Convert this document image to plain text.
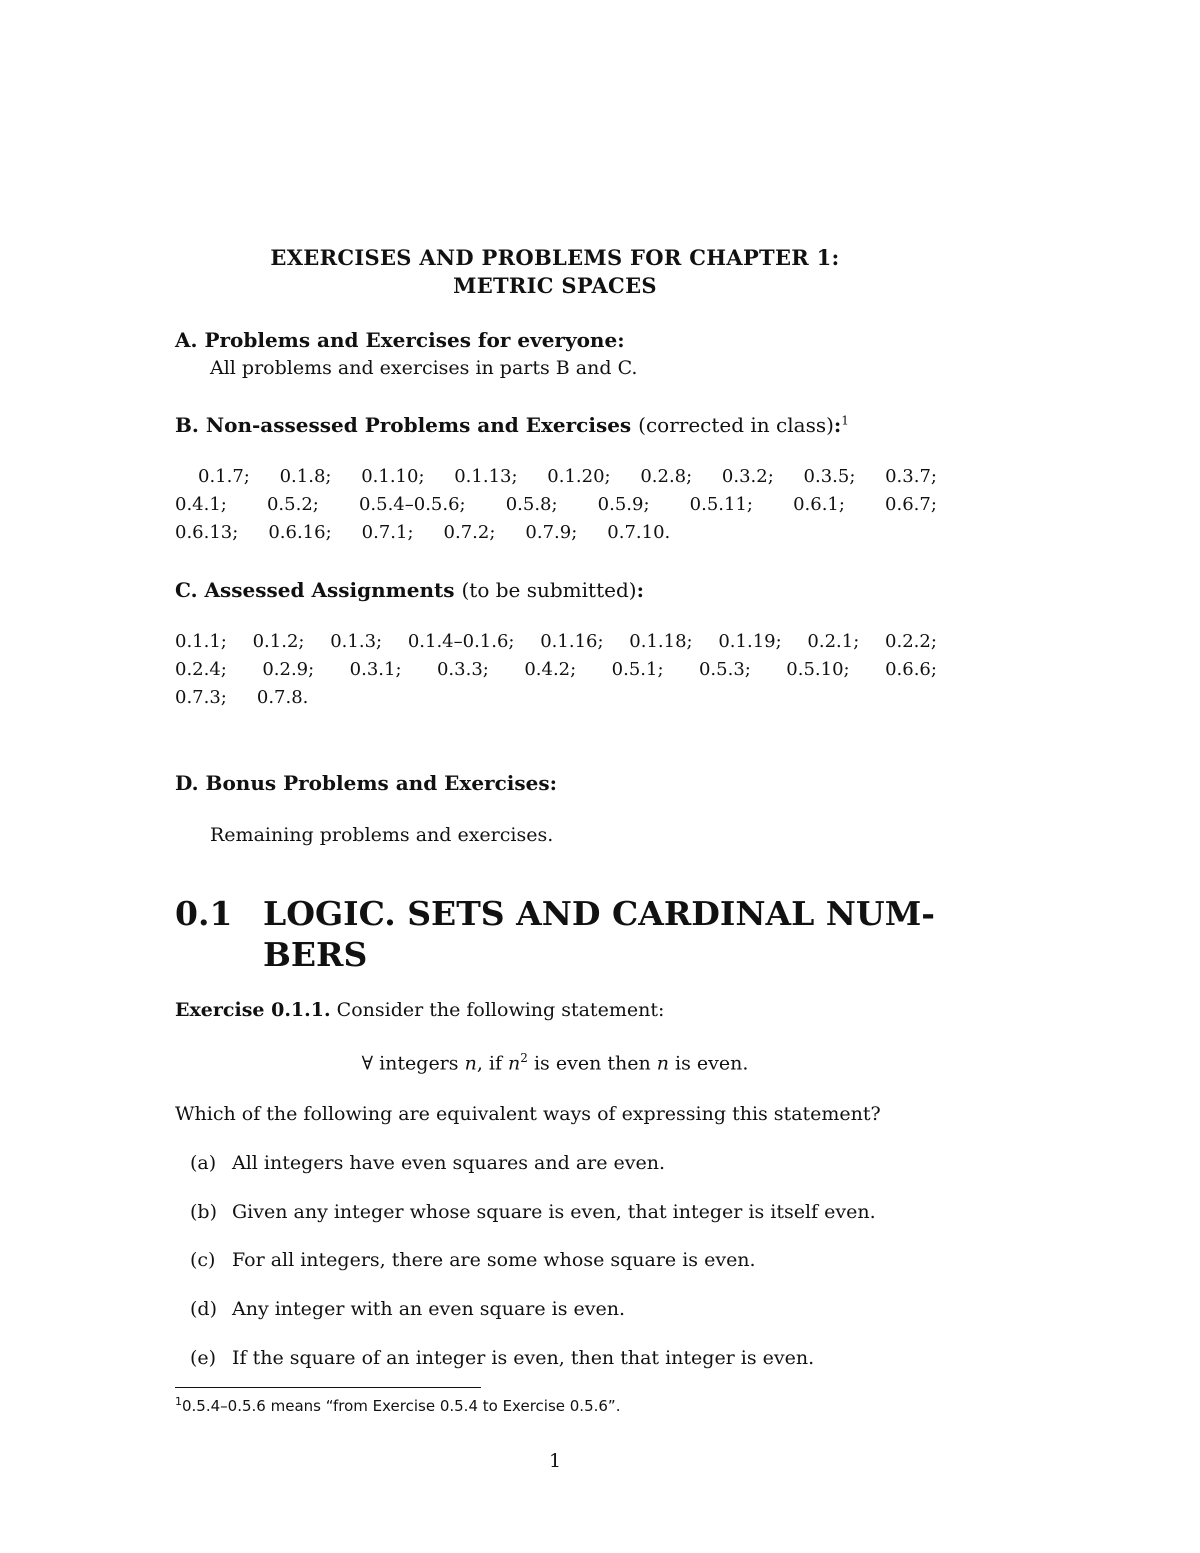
EXERCISES AND PROBLEMS FOR CHAPTER 1:
METRIC SPACES
A. Problems and Exercises for everyone:
All problems and exercises in parts B and C.
B. Non-assessed Problems and Exercises (corrected in class):$^1$
0.1.7; 0.1.8; 0.1.10; 0.1.13; 0.1.20; 0.2.8; 0.3.2; 0.3.5; 0.3.7;
0.4.1; 0.5.2; 0.5.4–0.5.6; 0.5.8; 0.5.9; 0.5.11; 0.6.1; 0.6.7;
0.6.13; 0.6.16; 0.7.1; 0.7.2; 0.7.9; 0.7.10.
C. Assessed Assignments (to be submitted):
0.1.1; 0.1.2; 0.1.3; 0.1.4–0.1.6; 0.1.16; 0.1.18; 0.1.19; 0.2.1; 0.2.2;
0.2.4; 0.2.9; 0.3.1; 0.3.3; 0.4.2; 0.5.1; 0.5.3; 0.5.10; 0.6.6;
0.7.3; 0.7.8.
D. Bonus Problems and Exercises:
Remaining problems and exercises.
0.1 LOGIC. SETS AND CARDINAL NUM-
BERS
Exercise 0.1.1. Consider the following statement:
∀ integers n, if $n^2$ is even then n is even.
Which of the following are equivalent ways of expressing this statement?
(a) All integers have even squares and are even.
(b) Given any integer whose square is even, that integer is itself even.
(c) For all integers, there are some whose square is even.
(d) Any integer with an even square is even.
(e) If the square of an integer is even, then that integer is even.
$^1$0.5.4–0.5.6 means “from Exercise 0.5.4 to Exercise 0.5.6”.
1
